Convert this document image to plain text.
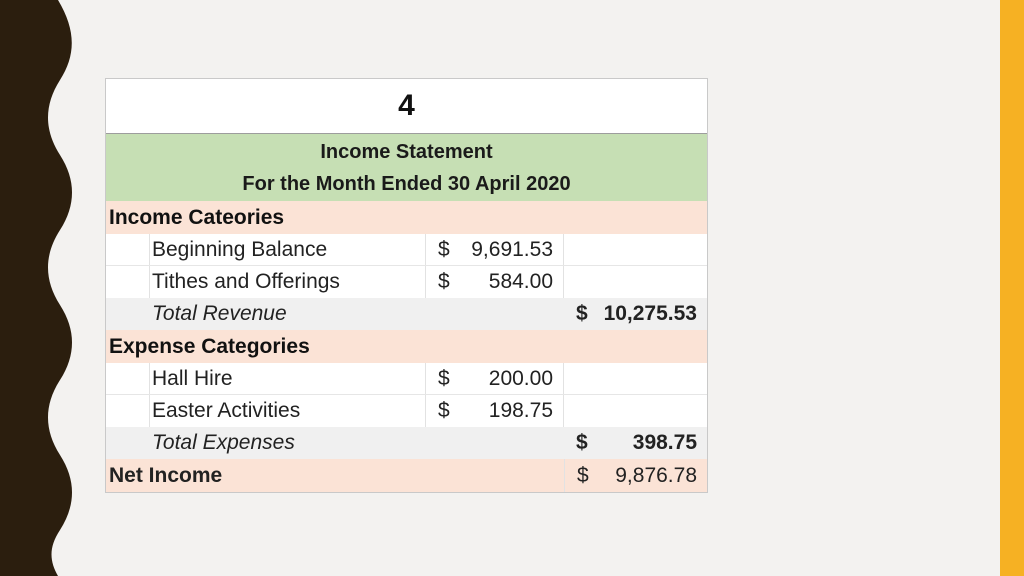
4
Income Statement
For the Month Ended 30 April 2020
Income Cateories
Beginning Balance	$ 9,691.53
Tithes and Offerings	$ 584.00
Total Revenue	$ 10,275.53
Expense Categories
Hall Hire	$ 200.00
Easter Activities	$ 198.75
Total Expenses	$ 398.75
Net Income	$ 9,876.78
